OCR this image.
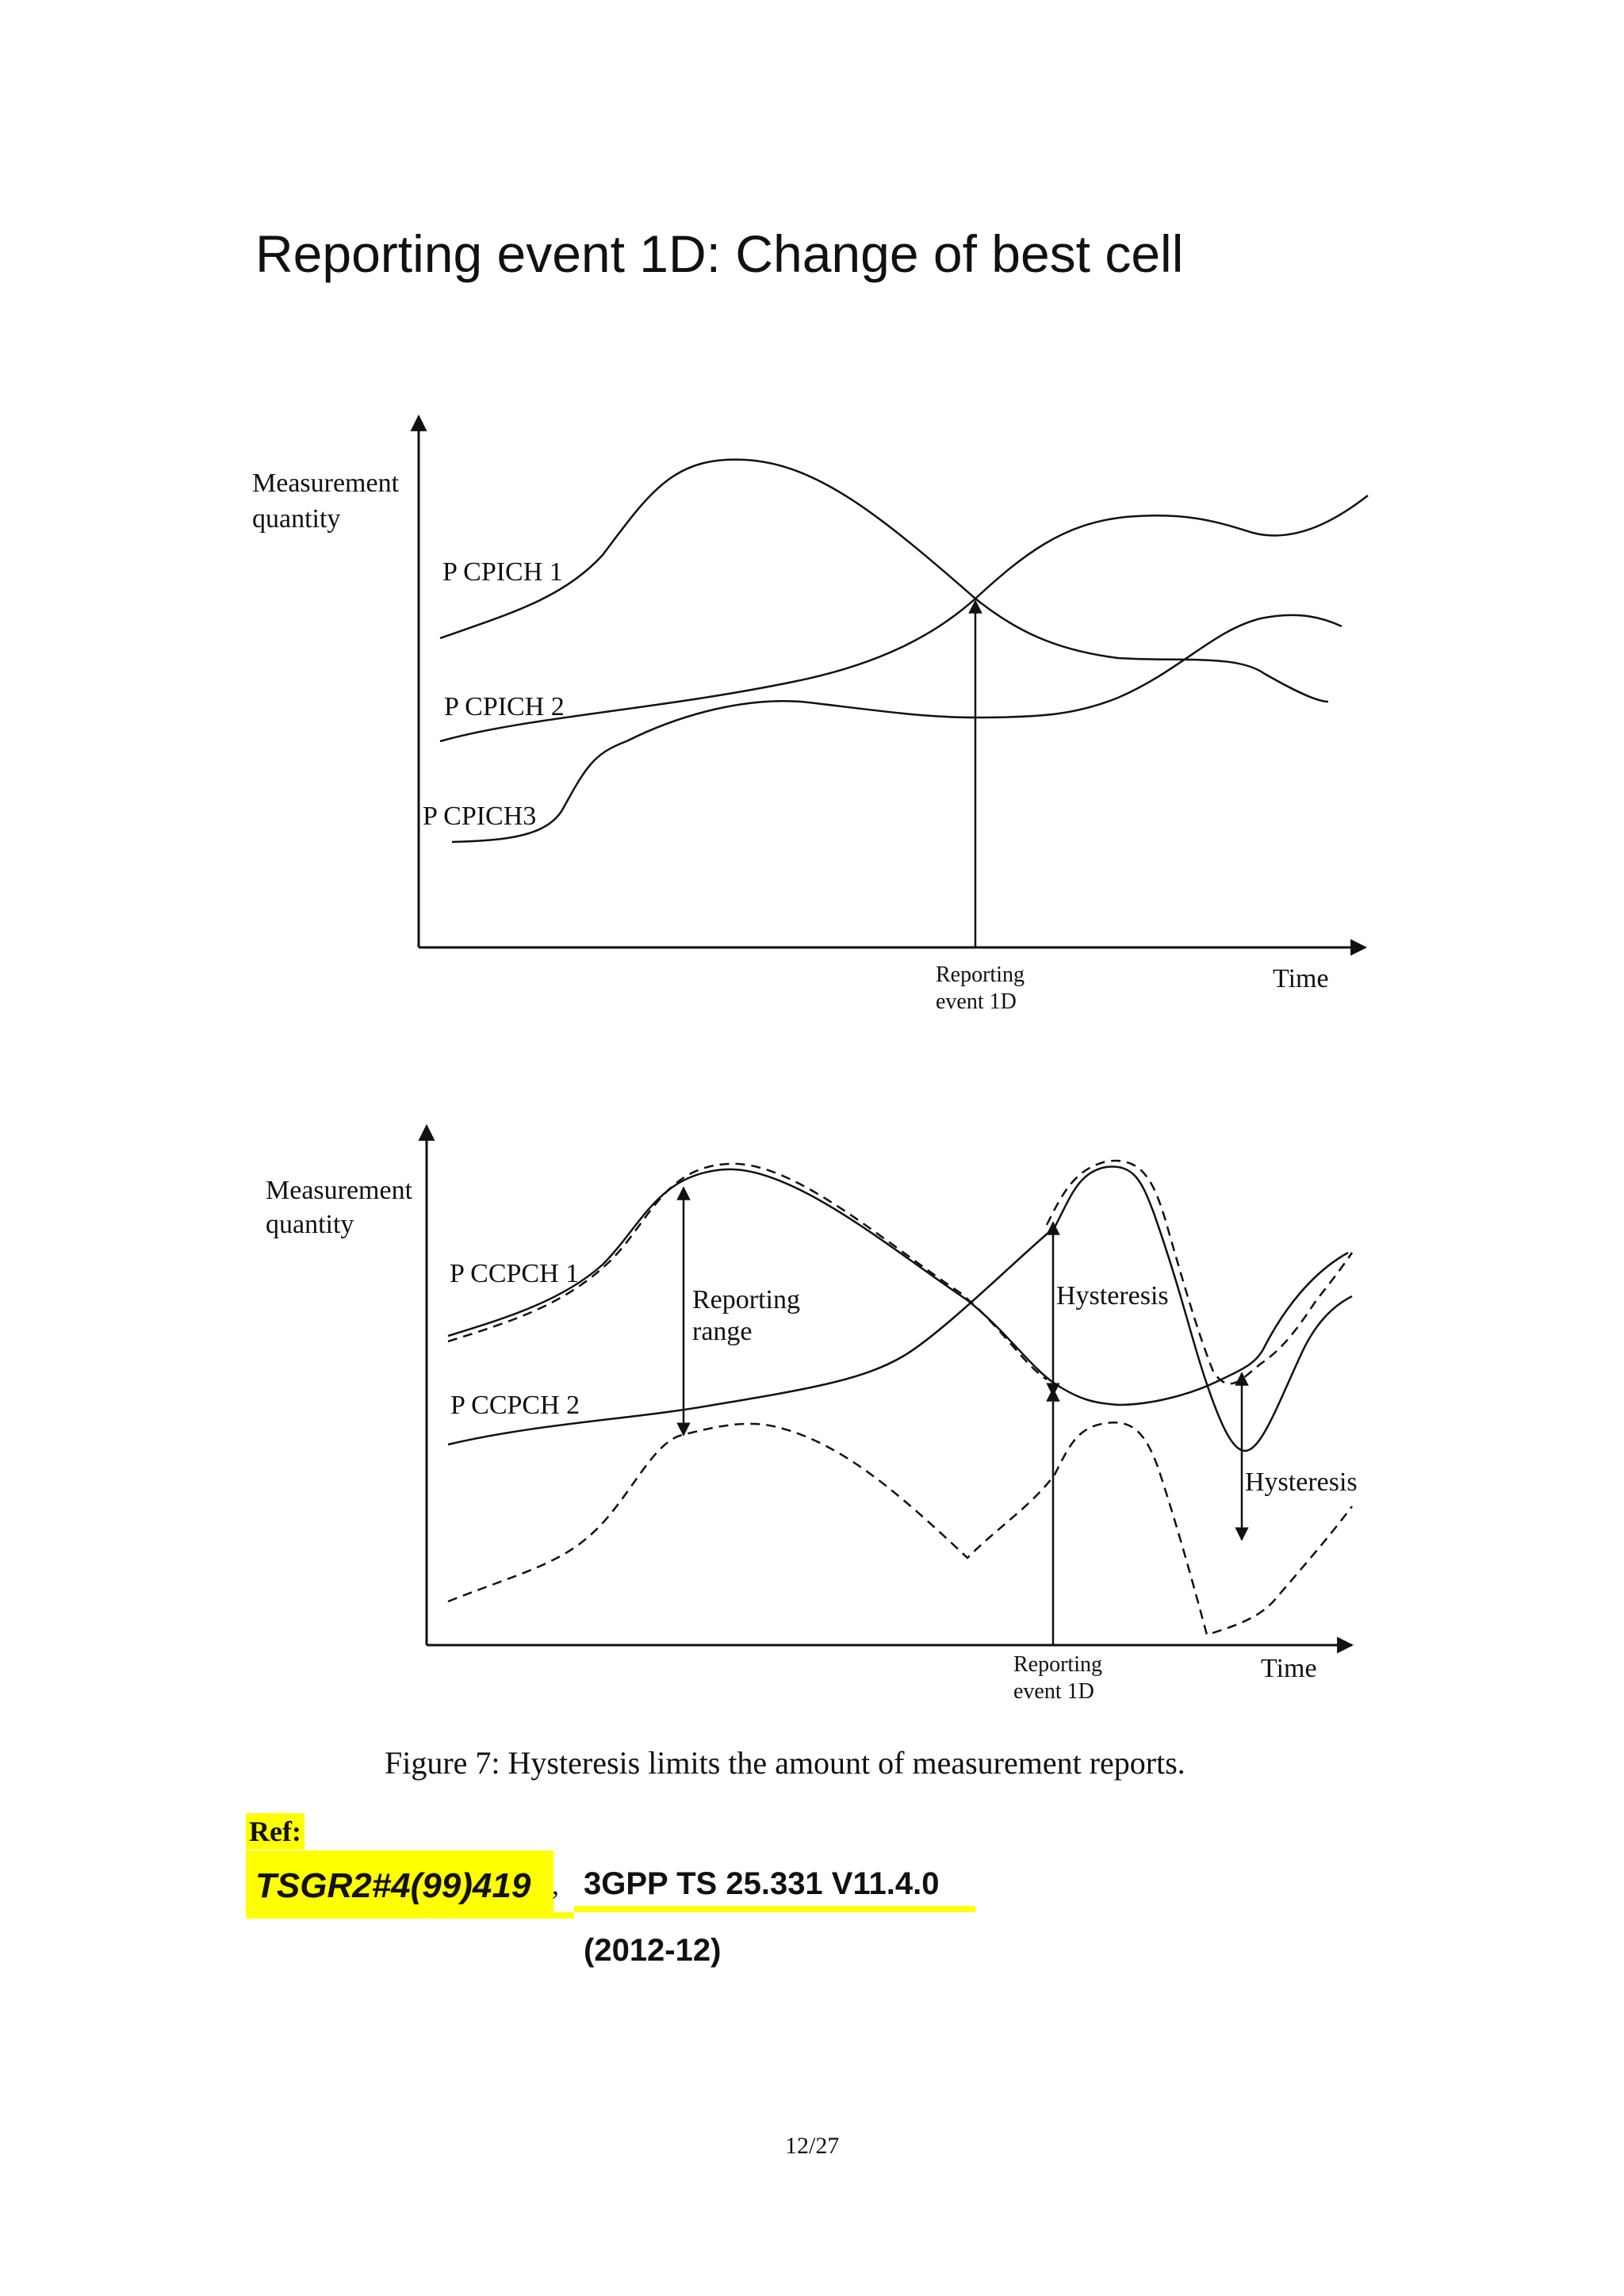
Reporting event 1D: Change of best cell
Measurement
quantity
Time
P CPICH 1
P CPICH 2
P CPICH3
Reporting
event 1D
Measurement
quantity
Time
P CCPCH 1
P CCPCH 2
Reporting
range
Hysteresis
Hysteresis
Reporting
event 1D
Figure 7: Hysteresis limits the amount of measurement reports.
Ref:
TSGR2#4(99)419 , 3GPP TS 25.331 V11.4.0 (2012-12)
12/27
